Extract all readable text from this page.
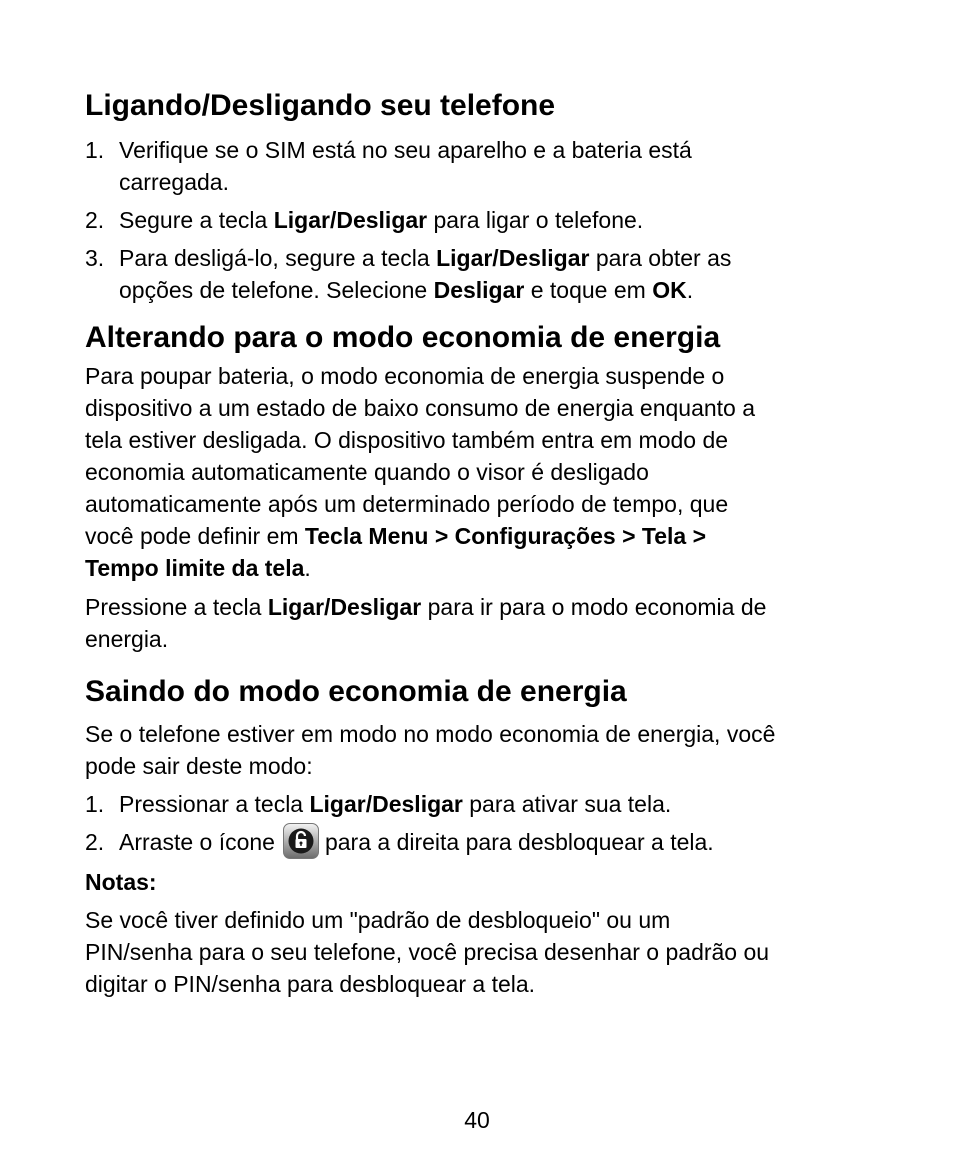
Ligando/Desligando seu telefone
1. Verifique se o SIM está no seu aparelho e a bateria está
carregada.
2. Segure a tecla Ligar/Desligar para ligar o telefone.
3. Para desligá-lo, segure a tecla Ligar/Desligar para obter as
opções de telefone. Selecione Desligar e toque em OK.
Alterando para o modo economia de energia

Para poupar bateria, o modo economia de energia suspende o
dispositivo a um estado de baixo consumo de energia enquanto a
tela estiver desligada. O dispositivo também entra em modo de
economia automaticamente quando o visor é desligado
automaticamente após um determinado período de tempo, que
você pode definir em Tecla Menu > Configurações > Tela >
Tempo limite da tela.

Pressione a tecla Ligar/Desligar para ir para o modo economia de
energia.

Saindo do modo economia de energia

Se o telefone estiver em modo no modo economia de energia, você
pode sair deste modo:

1. Pressionar a tecla Ligar/Desligar para ativar sua tela.
2. Arraste o ícone para a direita para desbloquear a tela.

Notas:

Se você tiver definido um "padrão de desbloqueio" ou um
PIN/senha para o seu telefone, você precisa desenhar o padrão ou
digitar o PIN/senha para desbloquear a tela.

40
